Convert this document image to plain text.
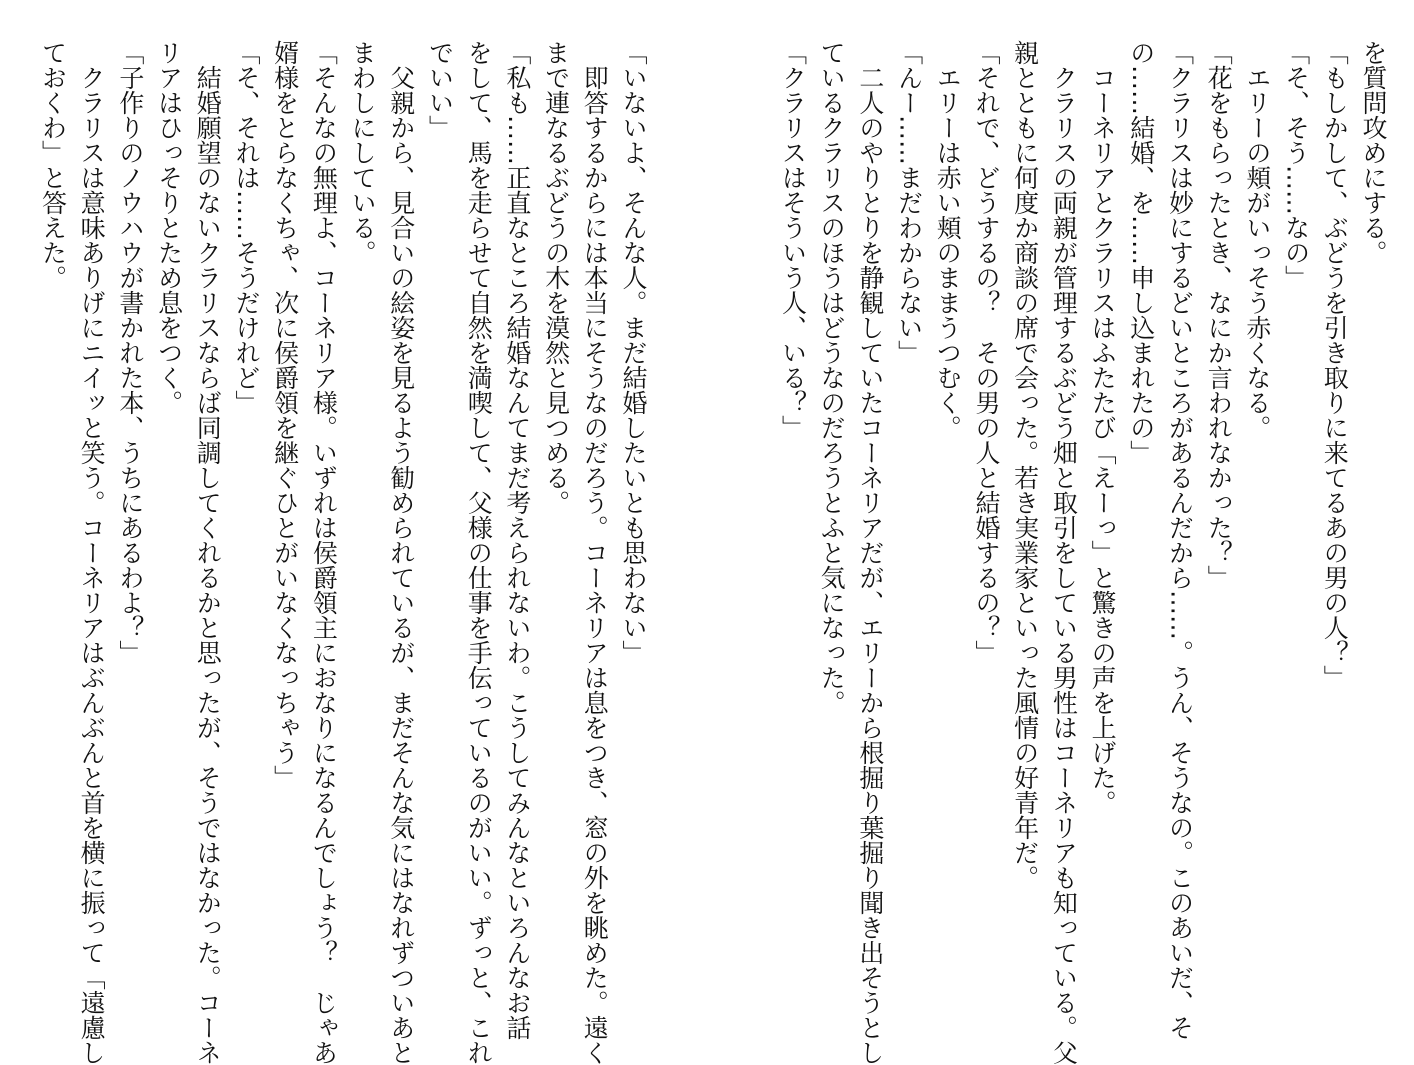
を質問攻めにする。

「もしかして、ぶどうを引き取りに来てるあの男の人？」

「そ、そう……なの」

　エリーの頬がいっそう赤くなる。

「花をもらったとき、なにか言われなかった？」

「クラリスは妙にするどいところがあるんだから……。うん、そうなの。このあいだ、そ

の……結婚、を……申し込まれたの」

　コーネリアとクラリスはふたたび「えーっ」と驚きの声を上げた。

　クラリスの両親が管理するぶどう畑と取引をしている男性はコーネリアも知っている。父

親とともに何度か商談の席で会った。若き実業家といった風情の好青年だ。

「それで、どうするの？　その男の人と結婚するの？」

　エリーは赤い頬のままうつむく。

「んー……まだわからない」

　二人のやりとりを静観していたコーネリアだが、エリーから根掘り葉掘り聞き出そうとし

ているクラリスのほうはどうなのだろうとふと気になった。

「クラリスはそういう人、いる？」

「いないよ、そんな人。まだ結婚したいとも思わない」

　即答するからには本当にそうなのだろう。コーネリアは息をつき、窓の外を眺めた。遠く

まで連なるぶどうの木を漠然と見つめる。

「私も……正直なところ結婚なんてまだ考えられないわ。こうしてみんなといろんなお話

をして、馬を走らせて自然を満喫して、父様の仕事を手伝っているのがいい。ずっと、これ

でいい」

　父親から、見合いの絵姿を見るよう勧められているが、まだそんな気にはなれずついあと

まわしにしている。

「そんなの無理よ、コーネリア様。いずれは侯爵領主におなりになるんでしょう？　じゃあ

婿様をとらなくちゃ、次に侯爵領を継ぐひとがいなくなっちゃう」

「そ、それは……そうだけれど」

　結婚願望のないクラリスならば同調してくれるかと思ったが、そうではなかった。コーネ

リアはひっそりとため息をつく。

「子作りのノウハウが書かれた本、うちにあるわよ？」

　クラリスは意味ありげにニイッと笑う。コーネリアはぶんぶんと首を横に振って「遠慮し

ておくわ」と答えた。
